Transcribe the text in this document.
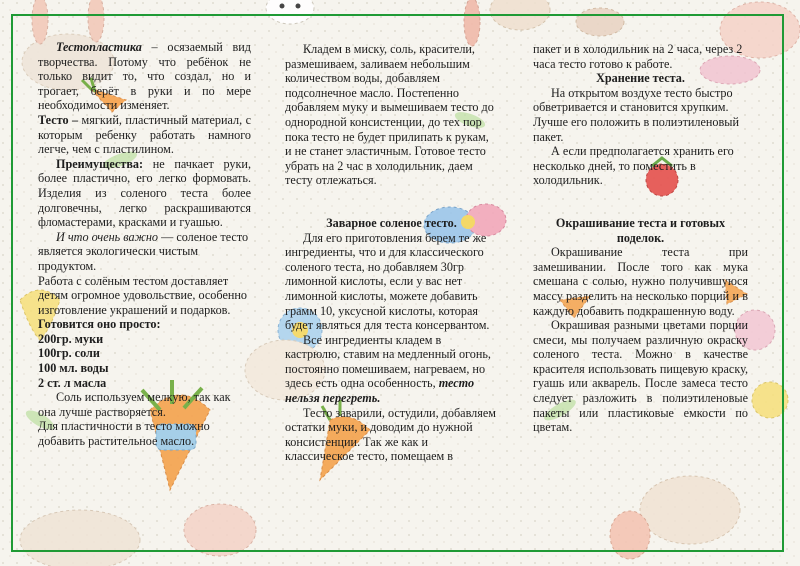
Тестопластика – осязаемый вид творчества. Потому что ребёнок не только видит то, что создал, но и трогает, берёт в руки и по мере необходимости изменяет.

Тесто – мягкий, пластичный материал, с которым ребенку работать намного легче, чем с пластилином.

Преимущества: не пачкает руки, более пластично, его легко формовать. Изделия из соленого теста более долговечны, легко раскрашиваются фломастерами, красками и гуашью.

И что очень важно — соленое тесто является экологически чистым продуктом.

Работа с солёным тестом доставляет детям огромное удовольствие, особенно изготовление украшений и подарков.

Готовится оно просто:

200гр. муки

100гр. соли

100 мл. воды

2 ст. л масла

Соль используем мелкую, так как она лучше растворяется.

Для пластичности в тесто можно добавить растительное масло.

Кладем в миску, соль, красители, размешиваем, заливаем небольшим количеством воды, добавляем подсолнечное масло. Постепенно добавляем муку и вымешиваем тесто до однородной консистенции, до тех пор пока тесто не будет прилипать к рукам, и не станет эластичным. Готовое тесто убрать на 2 час в холодильник, даем тесту отлежаться.

Заварное соленое тесто.

Для его приготовления берем те же ингредиенты, что и для классического соленого теста, но добавляем 30гр лимонной кислоты, если у вас нет лимонной кислоты, можете добавить грамм 10, уксусной кислоты, которая будет являться для теста консервантом.

Все ингредиенты кладем в кастрюлю, ставим на медленный огонь, постоянно помешиваем, нагреваем, но здесь есть одна особенность, тесто нельзя перегреть.

Тесто заварили, остудили, добавляем остатки муки, и доводим до нужной консистенции. Так же как и классическое тесто, помещаем в

пакет и в холодильник на 2 часа, через 2 часа тесто готово к работе.

Хранение теста.

На открытом воздухе тесто быстро обветривается и становится хрупким. Лучше его положить в полиэтиленовый пакет.

А если предполагается хранить его несколько дней, то поместить в холодильник.

Окрашивание теста и готовых поделок.

Окрашивание теста при замешивании. После того как мука смешана с солью, нужно получившуюся массу разделить на несколько порций и в каждую добавить подкрашенную воду.

Окрашивая разными цветами порции смеси, мы получаем различную окраску соленого теста. Можно в качестве красителя использовать пищевую краску, гуашь или акварель. После замеса тесто следует разложить в полиэтиленовые пакеты или пластиковые емкости по цветам.
